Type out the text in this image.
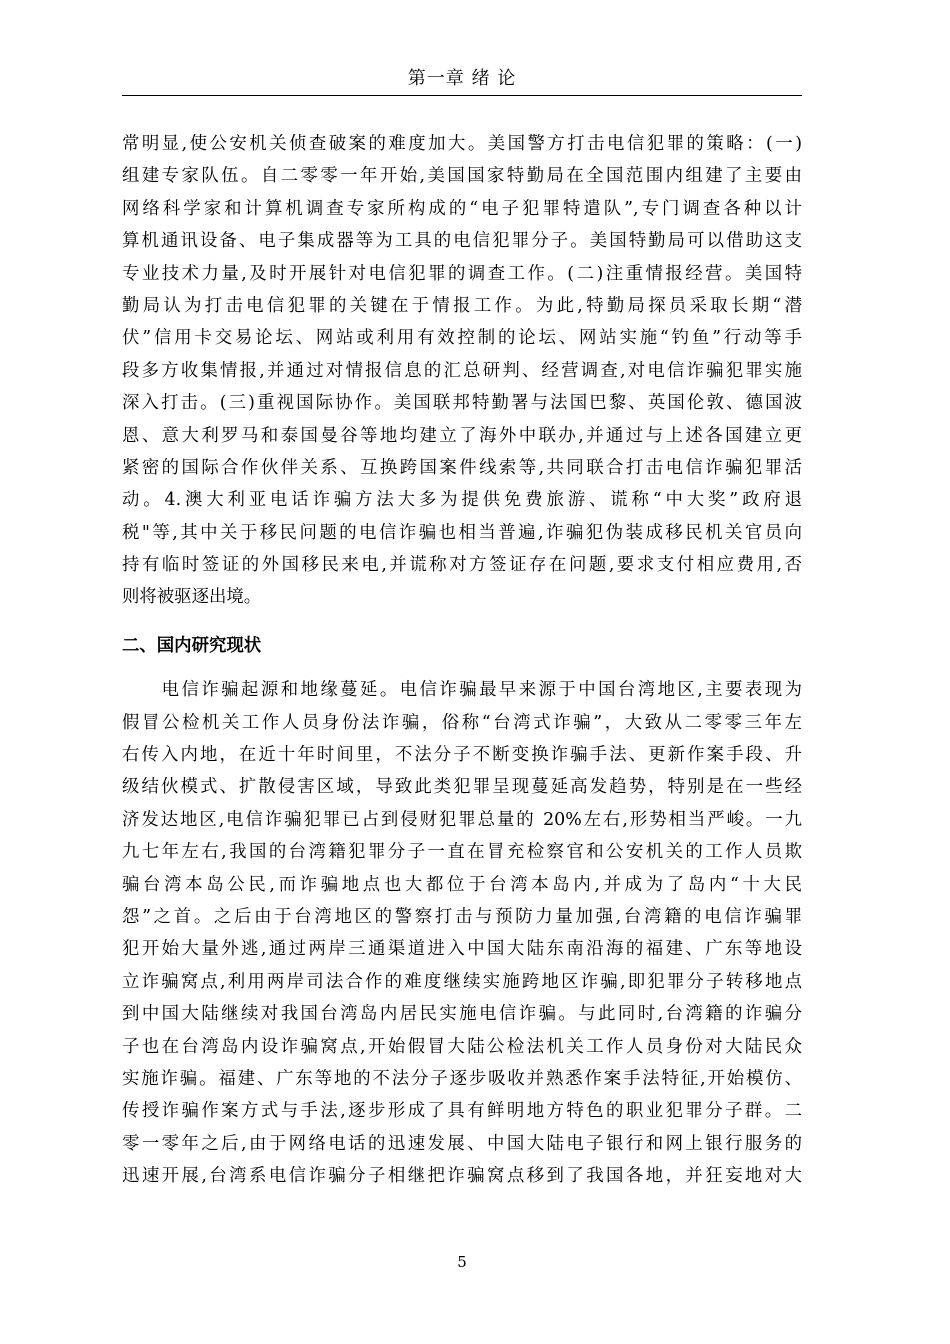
第一章 绪 论
常明显,使公安机关侦查破案的难度加大。美国警方打击电信犯罪的策略：(一)
组建专家队伍。自二零零一年开始,美国国家特勤局在全国范围内组建了主要由
网络科学家和计算机调查专家所构成的“电子犯罪特遣队”,专门调查各种以计
算机通讯设备、电子集成器等为工具的电信犯罪分子。美国特勤局可以借助这支
专业技术力量,及时开展针对电信犯罪的调查工作。(二)注重情报经营。美国特
勤局认为打击电信犯罪的关键在于情报工作。为此,特勤局探员采取长期“潜
伏”信用卡交易论坛、网站或利用有效控制的论坛、网站实施“钓鱼”行动等手
段多方收集情报,并通过对情报信息的汇总研判、经营调查,对电信诈骗犯罪实施
深入打击。(三)重视国际协作。美国联邦特勤署与法国巴黎、英国伦敦、德国波
恩、意大利罗马和泰国曼谷等地均建立了海外中联办,并通过与上述各国建立更
紧密的国际合作伙伴关系、互换跨国案件线索等,共同联合打击电信诈骗犯罪活
动。4.澳大利亚电话诈骗方法大多为提供免费旅游、谎称“中大奖”政府退
税"等,其中关于移民问题的电信诈骗也相当普遍,诈骗犯伪装成移民机关官员向
持有临时签证的外国移民来电,并谎称对方签证存在问题,要求支付相应费用,否
则将被驱逐出境。
二、国内研究现状
　　电信诈骗起源和地缘蔓延。电信诈骗最早来源于中国台湾地区,主要表现为
假冒公检机关工作人员身份法诈骗，俗称“台湾式诈骗”，大致从二零零三年左
右传入内地，在近十年时间里，不法分子不断变换诈骗手法、更新作案手段、升
级结伙模式、扩散侵害区域，导致此类犯罪呈现蔓延高发趋势，特别是在一些经
济发达地区,电信诈骗犯罪已占到侵财犯罪总量的 20%左右,形势相当严峻。一九
九七年左右,我国的台湾籍犯罪分子一直在冒充检察官和公安机关的工作人员欺
骗台湾本岛公民,而诈骗地点也大都位于台湾本岛内,并成为了岛内“十大民
怨”之首。之后由于台湾地区的警察打击与预防力量加强,台湾籍的电信诈骗罪
犯开始大量外逃,通过两岸三通渠道进入中国大陆东南沿海的福建、广东等地设
立诈骗窝点,利用两岸司法合作的难度继续实施跨地区诈骗,即犯罪分子转移地点
到中国大陆继续对我国台湾岛内居民实施电信诈骗。与此同时,台湾籍的诈骗分
子也在台湾岛内设诈骗窝点,开始假冒大陆公检法机关工作人员身份对大陆民众
实施诈骗。福建、广东等地的不法分子逐步吸收并熟悉作案手法特征,开始模仿、
传授诈骗作案方式与手法,逐步形成了具有鲜明地方特色的职业犯罪分子群。二
零一零年之后,由于网络电话的迅速发展、中国大陆电子银行和网上银行服务的
迅速开展,台湾系电信诈骗分子相继把诈骗窝点移到了我国各地，并狂妄地对大
5
